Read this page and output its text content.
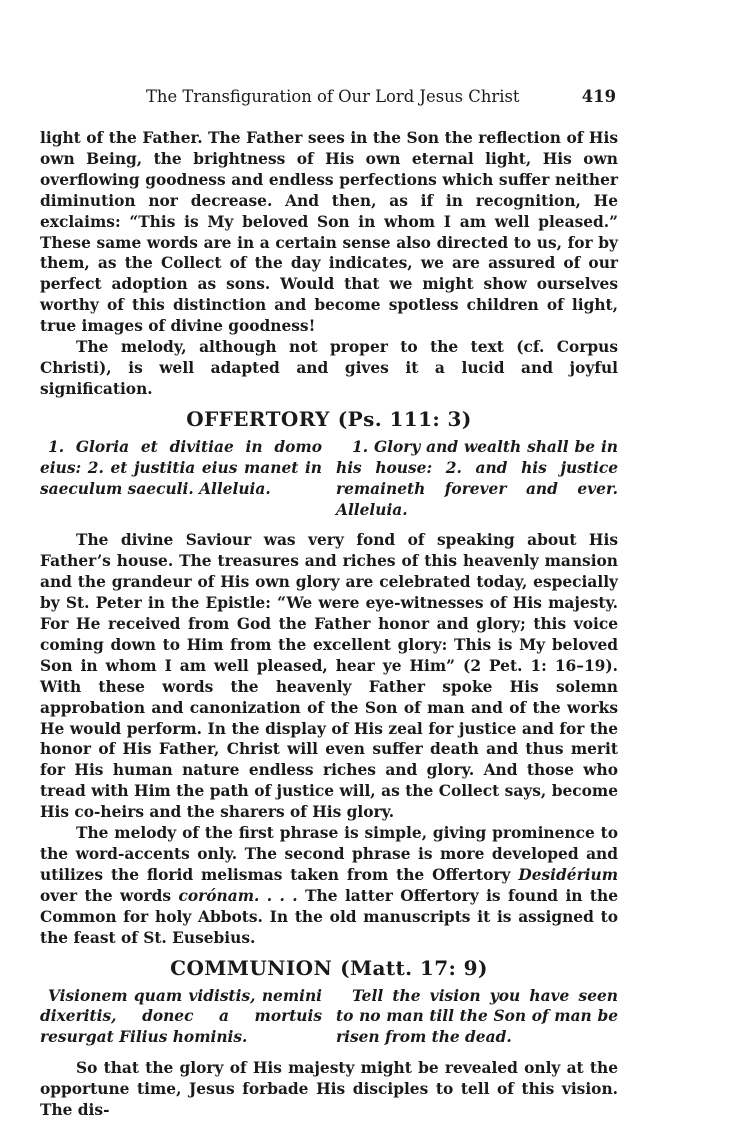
The Transfiguration of Our Lord Jesus Christ	419

light of the Father. The Father sees in the Son the reflection of His own Being, the brightness of His own eternal light, His own overflowing goodness and endless perfections which suffer neither diminution nor decrease. And then, as if in recognition, He exclaims: “This is My beloved Son in whom I am well pleased.” These same words are in a certain sense also directed to us, for by them, as the Collect of the day indicates, we are assured of our perfect adoption as sons. Would that we might show ourselves worthy of this distinction and become spotless children of light, true images of divine goodness!

The melody, although not proper to the text (cf. Corpus Christi), is well adapted and gives it a lucid and joyful signification.

OFFERTORY (Ps. 111: 3)
1. Gloria et divitiae in domo eius: 2. et justitia eius manet in saeculum saeculi. Alleluia.
1. Glory and wealth shall be in his house: 2. and his justice remaineth forever and ever. Alleluia.

The divine Saviour was very fond of speaking about His Father’s house. The treasures and riches of this heavenly mansion and the grandeur of His own glory are celebrated today, especially by St. Peter in the Epistle: “We were eye-witnesses of His majesty. For He received from God the Father honor and glory; this voice coming down to Him from the excellent glory: This is My beloved Son in whom I am well pleased, hear ye Him” (2 Pet. 1: 16–19). With these words the heavenly Father spoke His solemn approbation and canonization of the Son of man and of the works He would perform. In the display of His zeal for justice and for the honor of His Father, Christ will even suffer death and thus merit for His human nature endless riches and glory. And those who tread with Him the path of justice will, as the Collect says, become His co-heirs and the sharers of His glory.

The melody of the first phrase is simple, giving prominence to the word-accents only. The second phrase is more developed and utilizes the florid melismas taken from the Offertory Desidérium over the words corónam. . . . The latter Offertory is found in the Common for holy Abbots. In the old manuscripts it is assigned to the feast of St. Eusebius.

COMMUNION (Matt. 17: 9)
Visionem quam vidistis, nemini dixeritis, donec a mortuis resurgat Filius hominis.
Tell the vision you have seen to no man till the Son of man be risen from the dead.

So that the glory of His majesty might be revealed only at the opportune time, Jesus forbade His disciples to tell of this vision. The dis-
